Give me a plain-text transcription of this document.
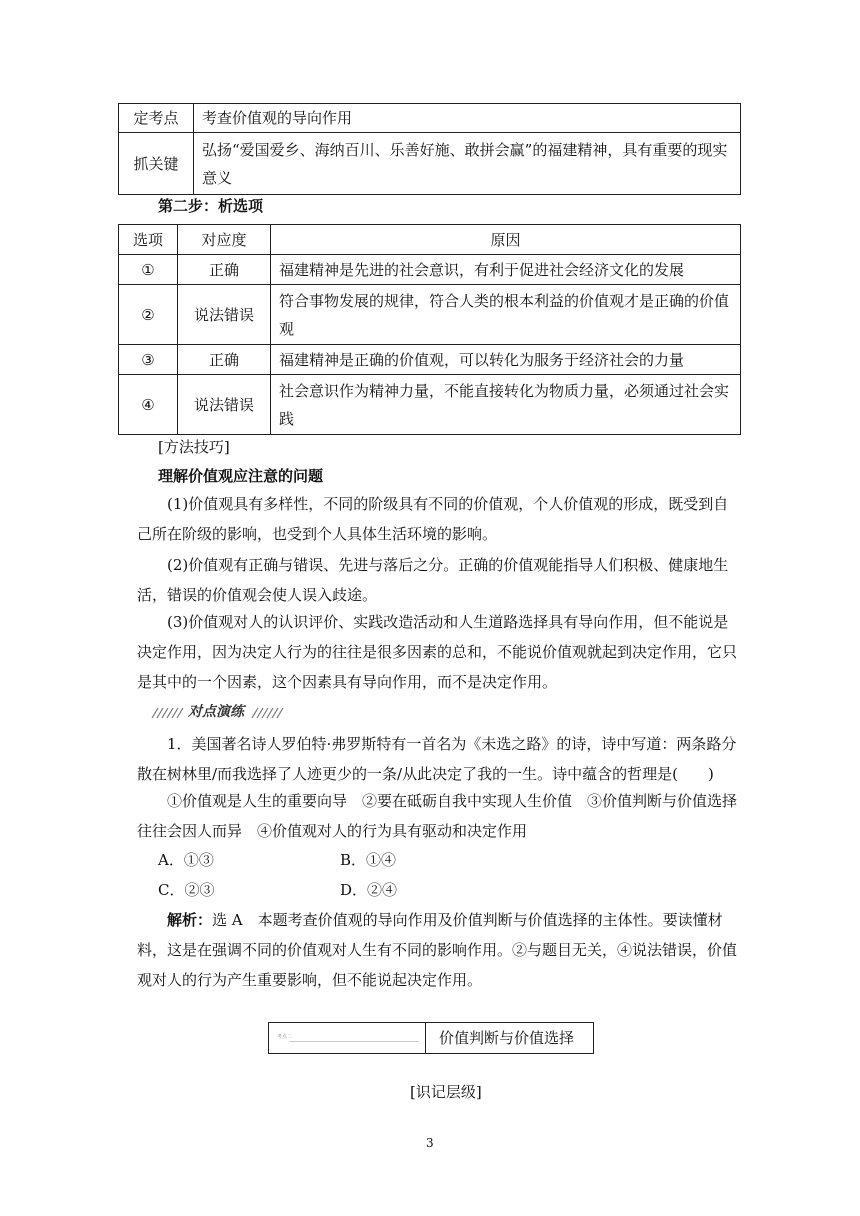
定考点	考查价值观的导向作用
抓关键	弘扬“爱国爱乡、海纳百川、乐善好施、敢拼会赢”的福建精神，具有重要的现实意义
第二步：析选项
选项	对应度	原因
①	正确	福建精神是先进的社会意识，有利于促进社会经济文化的发展
②	说法错误	符合事物发展的规律，符合人类的根本利益的价值观才是正确的价值观
③	正确	福建精神是正确的价值观，可以转化为服务于经济社会的力量
④	说法错误	社会意识作为精神力量，不能直接转化为物质力量，必须通过社会实践
[方法技巧]
理解价值观应注意的问题
(1)价值观具有多样性，不同的阶级具有不同的价值观，个人价值观的形成，既受到自己所在阶级的影响，也受到个人具体生活环境的影响。
(2)价值观有正确与错误、先进与落后之分。正确的价值观能指导人们积极、健康地生活，错误的价值观会使人误入歧途。
(3)价值观对人的认识评价、实践改造活动和人生道路选择具有导向作用，但不能说是决定作用，因为决定人行为的往往是很多因素的总和，不能说价值观就起到决定作用，它只是其中的一个因素，这个因素具有导向作用，而不是决定作用。
对点演练
1．美国著名诗人罗伯特·弗罗斯特有一首名为《未选之路》的诗，诗中写道：两条路分散在树林里/而我选择了人迹更少的一条/从此决定了我的一生。诗中蕴含的哲理是(　　)
①价值观是人生的重要向导　②要在砥砺自我中实现人生价值　③价值判断与价值选择往往会因人而异　④价值观对人的行为具有驱动和决定作用
A．①③	B．①④
C．②③	D．②④
解析：选 A　本题考查价值观的导向作用及价值判断与价值选择的主体性。要读懂材料，这是在强调不同的价值观对人生有不同的影响作用。②与题目无关，④说法错误，价值观对人的行为产生重要影响，但不能说起决定作用。
考点二	价值判断与价值选择
[识记层级]
3
